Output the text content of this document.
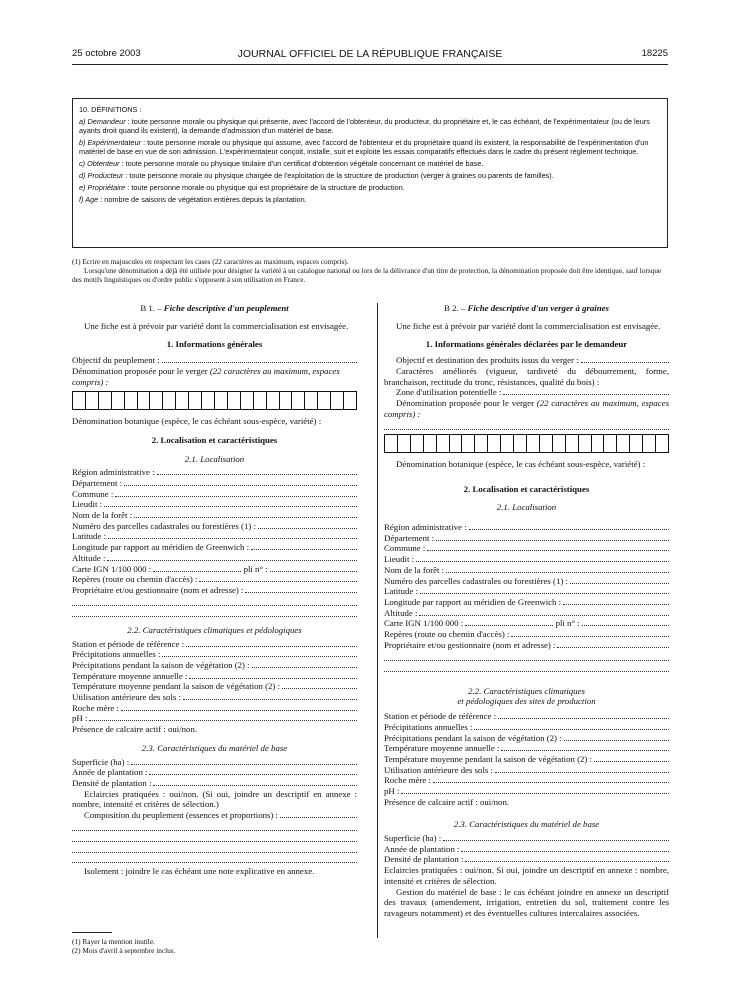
25 octobre 2003	JOURNAL OFFICIEL DE LA RÉPUBLIQUE FRANÇAISE	18225
10. DÉFINITIONS :

a) Demandeur : toute personne morale ou physique qui présente, avec l'accord de l'obtenteur, du producteur, du propriétaire et, le cas échéant, de l'expérimentateur (ou de leurs ayants droit quand ils existent), la demande d'admission d'un matériel de base.

b) Expérimentateur : toute personne morale ou physique qui assume, avec l'accord de l'obtenteur et du propriétaire quand ils existent, la responsabilité de l'expérimentation d'un matériel de base en vue de son admission. L'expérimentateur conçoit, installe, suit et exploite les essais comparatifs effectués dans le cadre du présent règlement technique.

c) Obtenteur : toute personne morale ou physique titulaire d'un certificat d'obtention végétale concernant ce matériel de base.

d) Producteur : toute personne morale ou physique chargée de l'exploitation de la structure de production (verger à graines ou parents de familles).

e) Propriétaire : toute personne morale ou physique qui est propriétaire de la structure de production.

f) Age : nombre de saisons de végétation entières depuis la plantation.

(1) Ecrire en majuscules en respectant les cases (22 caractères au maximum, espaces compris).

Lorsqu'une dénomination a déjà été utilisée pour désigner la variété à un catalogue national ou lors de la délivrance d'un titre de protection, la dénomination proposée doit être identique, sauf lorsque des motifs linguistiques ou d'ordre public s'opposent à son utilisation en France.

B 1. – Fiche descriptive d'un peuplement

Une fiche est à prévoir par variété dont la commercialisation est envisagée.

1. Informations générales
Objectif du peuplement :

Dénomination proposée pour le verger (22 caractères au maximum, espaces compris) :

Dénomination botanique (espèce, le cas échéant sous-espèce, variété) :

2. Localisation et caractéristiques
2.1. Localisation
Région administrative :
Département :
Commune :
Lieudit :
Nom de la forêt :
Numéro des parcelles cadastrales ou forestières (1) :
Latitude :
Longitude par rapport au méridien de Greenwich :
Altitude :
Carte IGN 1/100 000 :	pli n° :
Repères (route ou chemin d'accès) :
Propriétaire et/ou gestionnaire (nom et adresse) :
2.2. Caractéristiques climatiques et pédologiques
Station et période de référence :
Précipitations annuelles :
Précipitations pendant la saison de végétation (2) :
Température moyenne annuelle :
Température moyenne pendant la saison de végétation (2) :
Utilisation antérieure des sols :
Roche mère :
pH :

Présence de calcaire actif : oui/non.

2.3. Caractéristiques du matériel de base
Superficie (ha) :
Année de plantation :
Densité de plantation :

Eclaircies pratiquées : oui/non. (Si oui, joindre un descriptif en annexe : nombre, intensité et critères de sélection.)

Composition du peuplement (essences et proportions) :

Isolement : joindre le cas échéant une note explicative en annexe.

B 2. – Fiche descriptive d'un verger à graines

Une fiche est à prévoir par variété dont la commercialisation est envisagée.

1. Informations générales déclarées par le demandeur
Objectif et destination des produits issus du verger :

Caractères améliorés (vigueur, tardiveté du débourrement, forme, branchaison, rectitude du tronc, résistances, qualité du bois) :

Zone d'utilisation potentielle :

Dénomination proposée pour le verger (22 caractères au maximum, espaces compris) :

Dénomination botanique (espèce, le cas échéant sous-espèce, variété) :

2. Localisation et caractéristiques
2.1. Localisation
Région administrative :
Département :
Commune :
Lieudit :
Nom de la forêt :
Numéro des parcelles cadastrales ou forestières (1) :
Latitude :
Longitude par rapport au méridien de Greenwich :
Altitude :
Carte IGN 1/100 000 :	pli n° :
Repères (route ou chemin d'accès) :
Propriétaire et/ou gestionnaire (nom et adresse) :
2.2. Caractéristiques climatiques
et pédologiques des sites de production
Station et période de référence :
Précipitations annuelles :
Précipitations pendant la saison de végétation (2) :
Température moyenne annuelle :
Température moyenne pendant la saison de végétation (2) :
Utilisation antérieure des sols :
Roche mère :
pH :

Présence de calcaire actif : oui/non.

2.3. Caractéristiques du matériel de base
Superficie (ha) :
Année de plantation :
Densité de plantation :

Eclaircies pratiquées : oui/non. Si oui, joindre un descriptif en annexe : nombre, intensité et critères de sélection.

Gestion du matériel de base : le cas échéant joindre en annexe un descriptif des travaux (amendement, irrigation, entretien du sol, traitement contre les ravageurs notamment) et des éventuelles cultures intercalaires associées.

(1) Rayer la mention inutile.
(2) Mois d'avril à septembre inclus.
